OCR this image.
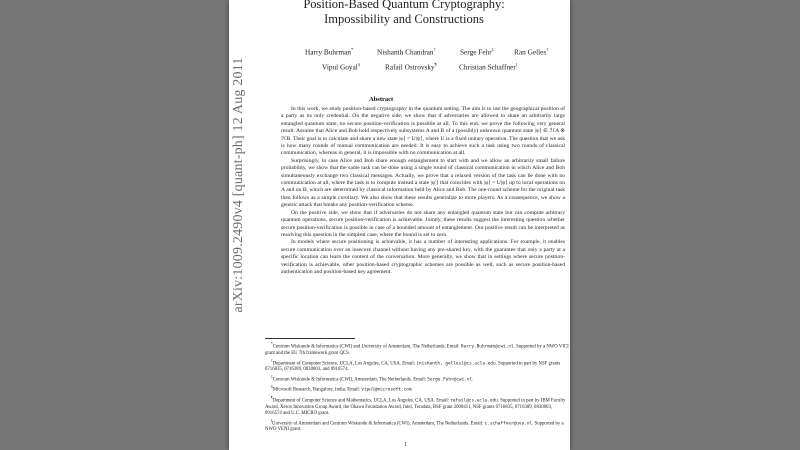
arXiv:1009.2490v4 [quant-ph] 12 Aug 2011
Position-Based Quantum Cryptography:
Impossibility and Constructions
Harry Buhrman*	Nishanth Chandran†	Serge Fehr‡	Ran Gelles†
Vipul Goyal§	Rafail Ostrovsky¶	Christian Schaffner‖
Abstract

In this work, we study position-based cryptography in the quantum setting. The aim is to use the geographical position of a party as its only credential. On the negative side, we show that if adversaries are allowed to share an arbitrarily large entangled quantum state, no secure position-verification is possible at all. To this end, we prove the following very general result. Assume that Alice and Bob hold respectively subsystems A and B of a (possibly) unknown quantum state |ψ⟩ ∈ ℋA ⊗ ℋB. Their goal is to calculate and share a new state |φ⟩ = U|ψ⟩, where U is a fixed unitary operation. The question that we ask is how many rounds of mutual communication are needed. It is easy to achieve such a task using two rounds of classical communication, whereas in general, it is impossible with no communication at all.

Surprisingly, in case Alice and Bob share enough entanglement to start with and we allow an arbitrarily small failure probability, we show that the same task can be done using a single round of classical communication in which Alice and Bob simultaneously exchange two classical messages. Actually, we prove that a relaxed version of the task can be done with no communication at all, where the task is to compute instead a state |φ′⟩ that coincides with |φ⟩ = U|ψ⟩ up to local operations on A and on B, which are determined by classical information held by Alice and Bob. The one-round scheme for the original task then follows as a simple corollary. We also show that these results generalize to more players. As a consequence, we show a generic attack that breaks any position-verification scheme.

On the positive side, we show that if adversaries do not share any entangled quantum state but can compute arbitrary quantum operations, secure position-verification is achievable. Jointly, these results suggest the interesting question whether secure position-verification is possible in case of a bounded amount of entanglement. Our positive result can be interpreted as resolving this question in the simplest case, where the bound is set to zero.

In models where secure positioning is achievable, it has a number of interesting applications. For example, it enables secure communication over an insecure channel without having any pre-shared key, with the guarantee that only a party at a specific location can learn the content of the conversation. More generally, we show that in settings where secure position-verification is achievable, other position-based cryptographic schemes are possible as well, such as secure position-based authentication and position-based key agreement.

*Centrum Wiskunde & Informatica (CWI) and University of Amsterdam, The Netherlands. Email: Harry.Buhrman@cwi.nl. Supported by a NWO VICI grant and the EU 7th framework grant QCS.

†Department of Computer Science, UCLA, Los Angeles, CA, USA. Email: {nishanth, gelles}@cs.ucla.edu. Supported in part by NSF grants 0716835, 0716389, 0830803, and 0916574.

‡Centrum Wiskunde & Informatica (CWI), Amsterdam, The Netherlands. Email: Serge.Fehr@cwi.nl.

§Microsoft Research, Bangalore, India. Email: vipul@microsoft.com

¶Department of Computer Science and Mathematics, UCLA, Los Angeles, CA, USA. Email: rafail@cs.ucla.edu. Supported in part by IBM Faculty Award, Xerox Innovation Group Award, the Okawa Foundation Award, Intel, Teradata, BSF grant 2008411, NSF grants 0716835, 0716389, 0830803, 0916574 and U.C. MICRO grant.

‖University of Amsterdam and Centrum Wiskunde & Informatica (CWI), Amsterdam, The Netherlands. Email: c.schaffner@uva.nl. Supported by a NWO VENI grant.

1
